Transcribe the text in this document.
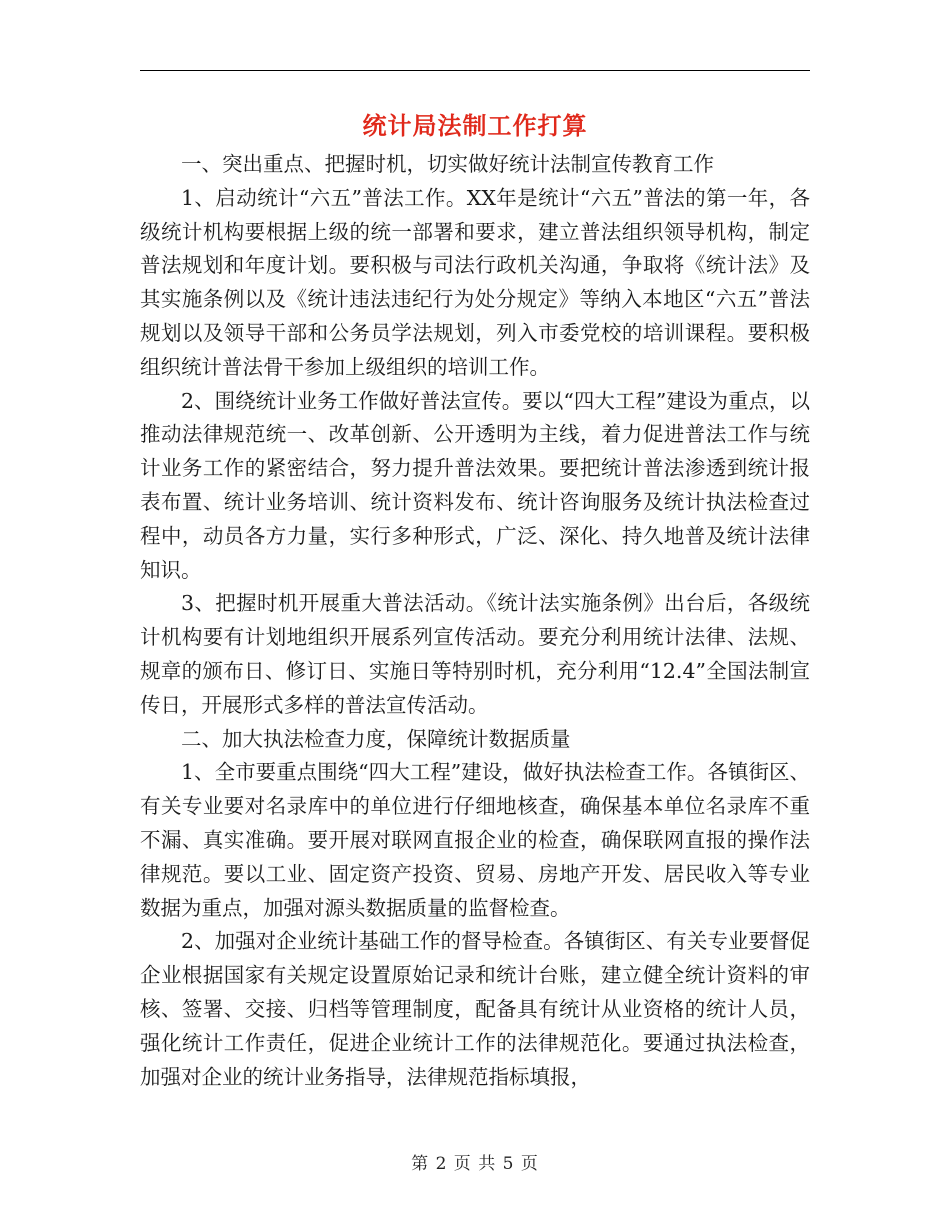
统计局法制工作打算

一、突出重点、把握时机，切实做好统计法制宣传教育工作

1、启动统计“六五”普法工作。XX年是统计“六五”普法的第一年，各级统计机构要根据上级的统一部署和要求，建立普法组织领导机构，制定普法规划和年度计划。要积极与司法行政机关沟通，争取将《统计法》及其实施条例以及《统计违法违纪行为处分规定》等纳入本地区“六五”普法规划以及领导干部和公务员学法规划，列入市委党校的培训课程。要积极组织统计普法骨干参加上级组织的培训工作。

2、围绕统计业务工作做好普法宣传。要以“四大工程”建设为重点，以推动法律规范统一、改革创新、公开透明为主线，着力促进普法工作与统计业务工作的紧密结合，努力提升普法效果。要把统计普法渗透到统计报表布置、统计业务培训、统计资料发布、统计咨询服务及统计执法检查过程中，动员各方力量，实行多种形式，广泛、深化、持久地普及统计法律知识。

3、把握时机开展重大普法活动。《统计法实施条例》出台后，各级统计机构要有计划地组织开展系列宣传活动。要充分利用统计法律、法规、规章的颁布日、修订日、实施日等特别时机，充分利用“12.4”全国法制宣传日，开展形式多样的普法宣传活动。

二、加大执法检查力度，保障统计数据质量

1、全市要重点围绕“四大工程”建设，做好执法检查工作。各镇街区、有关专业要对名录库中的单位进行仔细地核查，确保基本单位名录库不重不漏、真实准确。要开展对联网直报企业的检查，确保联网直报的操作法律规范。要以工业、固定资产投资、贸易、房地产开发、居民收入等专业数据为重点，加强对源头数据质量的监督检查。

2、加强对企业统计基础工作的督导检查。各镇街区、有关专业要督促企业根据国家有关规定设置原始记录和统计台账，建立健全统计资料的审核、签署、交接、归档等管理制度，配备具有统计从业资格的统计人员，强化统计工作责任，促进企业统计工作的法律规范化。要通过执法检查，加强对企业的统计业务指导，法律规范指标填报，

第 2 页 共 5 页
